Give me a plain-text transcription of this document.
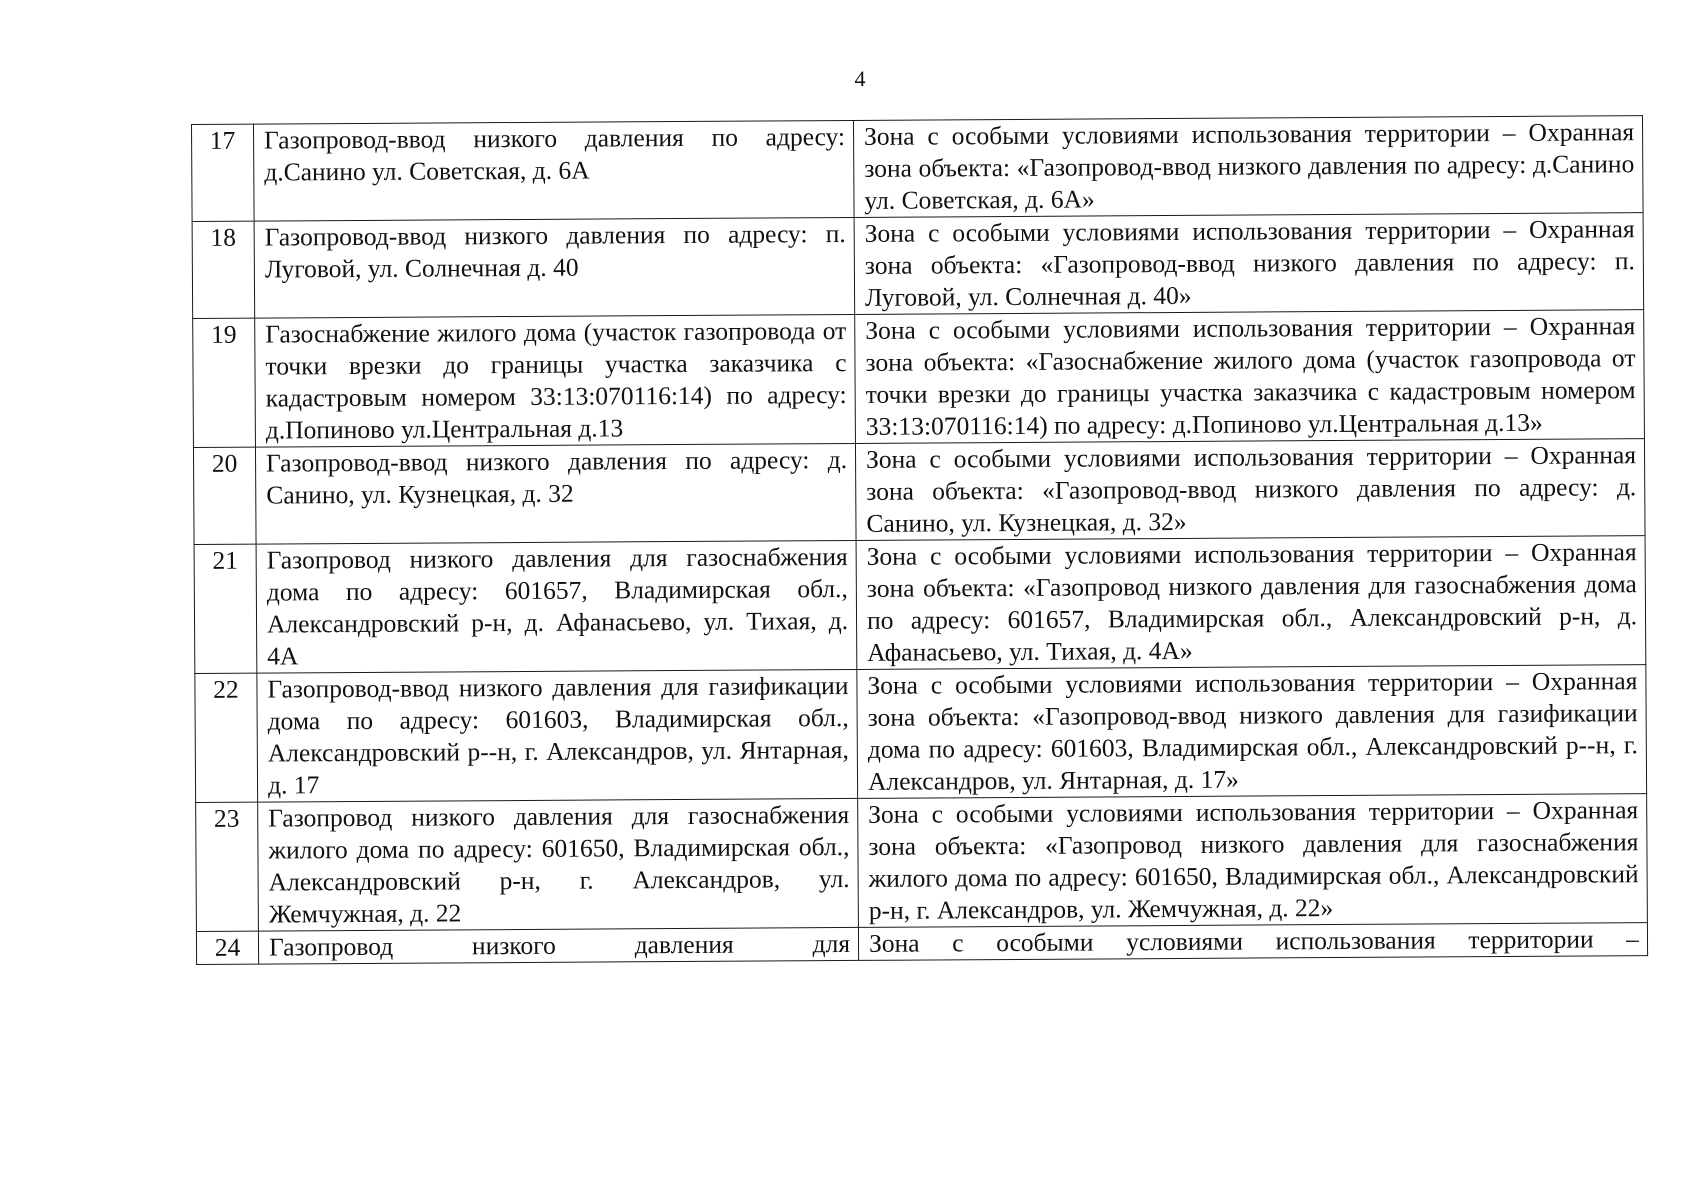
4
17	Газопровод-ввод низкого давления по адресу: д.Санино ул. Советская, д. 6А	Зона с особыми условиями использования территории – Охранная зона объекта: «Газопровод-ввод низкого давления по адресу: д.Санино ул. Советская, д. 6А»
18	Газопровод-ввод низкого давления по адресу: п. Луговой, ул. Солнечная д. 40	Зона с особыми условиями использования территории – Охранная зона объекта: «Газопровод-ввод низкого давления по адресу: п. Луговой, ул. Солнечная д. 40»
19	Газоснабжение жилого дома (участок газопровода от точки врезки до границы участка заказчика с кадастровым номером 33:13:070116:14) по адресу: д.Попиново ул.Центральная д.13	Зона с особыми условиями использования территории – Охранная зона объекта: «Газоснабжение жилого дома (участок газопровода от точки врезки до границы участка заказчика с кадастровым номером 33:13:070116:14) по адресу: д.Попиново ул.Центральная д.13»
20	Газопровод-ввод низкого давления по адресу: д. Санино, ул. Кузнецкая, д. 32	Зона с особыми условиями использования территории – Охранная зона объекта: «Газопровод-ввод низкого давления по адресу: д. Санино, ул. Кузнецкая, д. 32»
21	Газопровод низкого давления для газоснабжения дома по адресу: 601657, Владимирская обл., Александровский р-н, д. Афанасьево, ул. Тихая, д. 4А	Зона с особыми условиями использования территории – Охранная зона объекта: «Газопровод низкого давления для газоснабжения дома по адресу: 601657, Владимирская обл., Александровский р-н, д. Афанасьево, ул. Тихая, д. 4А»
22	Газопровод-ввод низкого давления для газификации дома по адресу: 601603, Владимирская обл., Александровский р--н, г. Александров, ул. Янтарная, д. 17	Зона с особыми условиями использования территории – Охранная зона объекта: «Газопровод-ввод низкого давления для газификации дома по адресу: 601603, Владимирская обл., Александровский р--н, г. Александров, ул. Янтарная, д. 17»
23	Газопровод низкого давления для газоснабжения жилого дома по адресу: 601650, Владимирская обл., Александровский р-н, г. Александров, ул. Жемчужная, д. 22	Зона с особыми условиями использования территории – Охранная зона объекта: «Газопровод низкого давления для газоснабжения жилого дома по адресу: 601650, Владимирская обл., Александровский р-н, г. Александров, ул. Жемчужная, д. 22»
24	Газопровод низкого давления для	Зона с особыми условиями использования территории –
